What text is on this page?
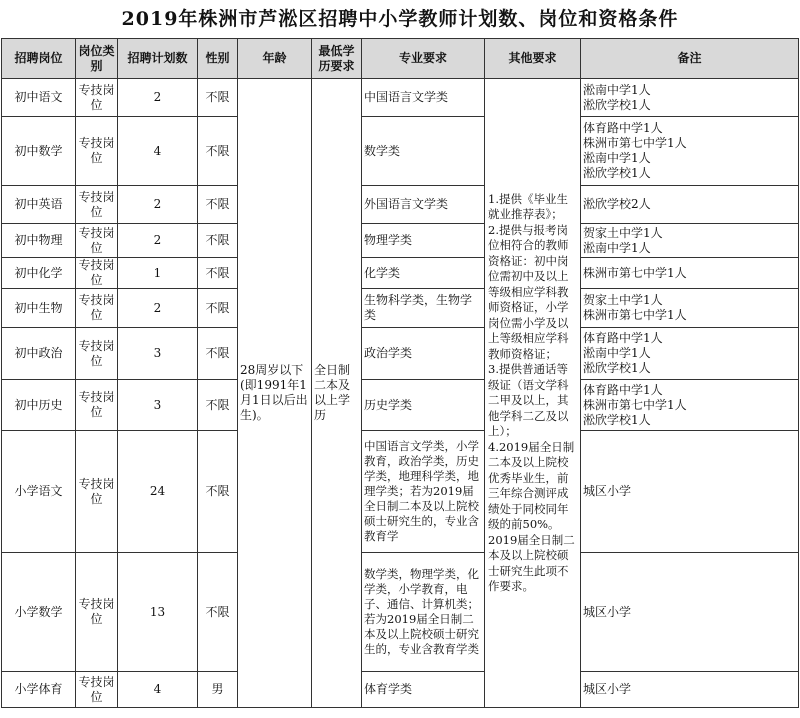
2019年株洲市芦淞区招聘中小学教师计划数、岗位和资格条件
招聘岗位	岗位类别	招聘计划数	性别	年龄	最低学历要求	专业要求	其他要求	备注
初中语文	专技岗位	2	不限	28周岁以下(即1991年1月1日以后出生)。	全日制二本及以上学历	中国语言文学类	1.提供《毕业生就业推荐表》；
2.提供与报考岗位相符合的教师资格证：初中岗位需初中及以上等级相应学科教师资格证，小学岗位需小学及以上等级相应学科教师资格证；
3.提供普通话等级证（语文学科二甲及以上，其他学科二乙及以上）；
4.2019届全日制二本及以上院校优秀毕业生，前三年综合测评成绩处于同校同年级的前50%。2019届全日制二本及以上院校硕士研究生此项不作要求。	淞南中学1人
淞欣学校1人
初中数学	专技岗位	4	不限			数学类		体育路中学1人
株洲市第七中学1人
淞南中学1人
淞欣学校1人
初中英语	专技岗位	2	不限			外国语言文学类		淞欣学校2人
初中物理	专技岗位	2	不限			物理学类		贺家土中学1人
淞南中学1人
初中化学	专技岗位	1	不限			化学类		株洲市第七中学1人
初中生物	专技岗位	2	不限			生物科学类，生物学类		贺家土中学1人
株洲市第七中学1人
初中政治	专技岗位	3	不限			政治学类		体育路中学1人
淞南中学1人
淞欣学校1人
初中历史	专技岗位	3	不限			历史学类		体育路中学1人
株洲市第七中学1人
淞欣学校1人
小学语文	专技岗位	24	不限			中国语言文学类，小学教育，政治学类，历史学类，地理科学类，地理学类；若为2019届全日制二本及以上院校硕士研究生的，专业含教育学		城区小学
小学数学	专技岗位	13	不限			数学类，物理学类，化学类，小学教育，电子、通信、计算机类；若为2019届全日制二本及以上院校硕士研究生的，专业含教育学类		城区小学
小学体育	专技岗位	4	男			体育学类		城区小学
